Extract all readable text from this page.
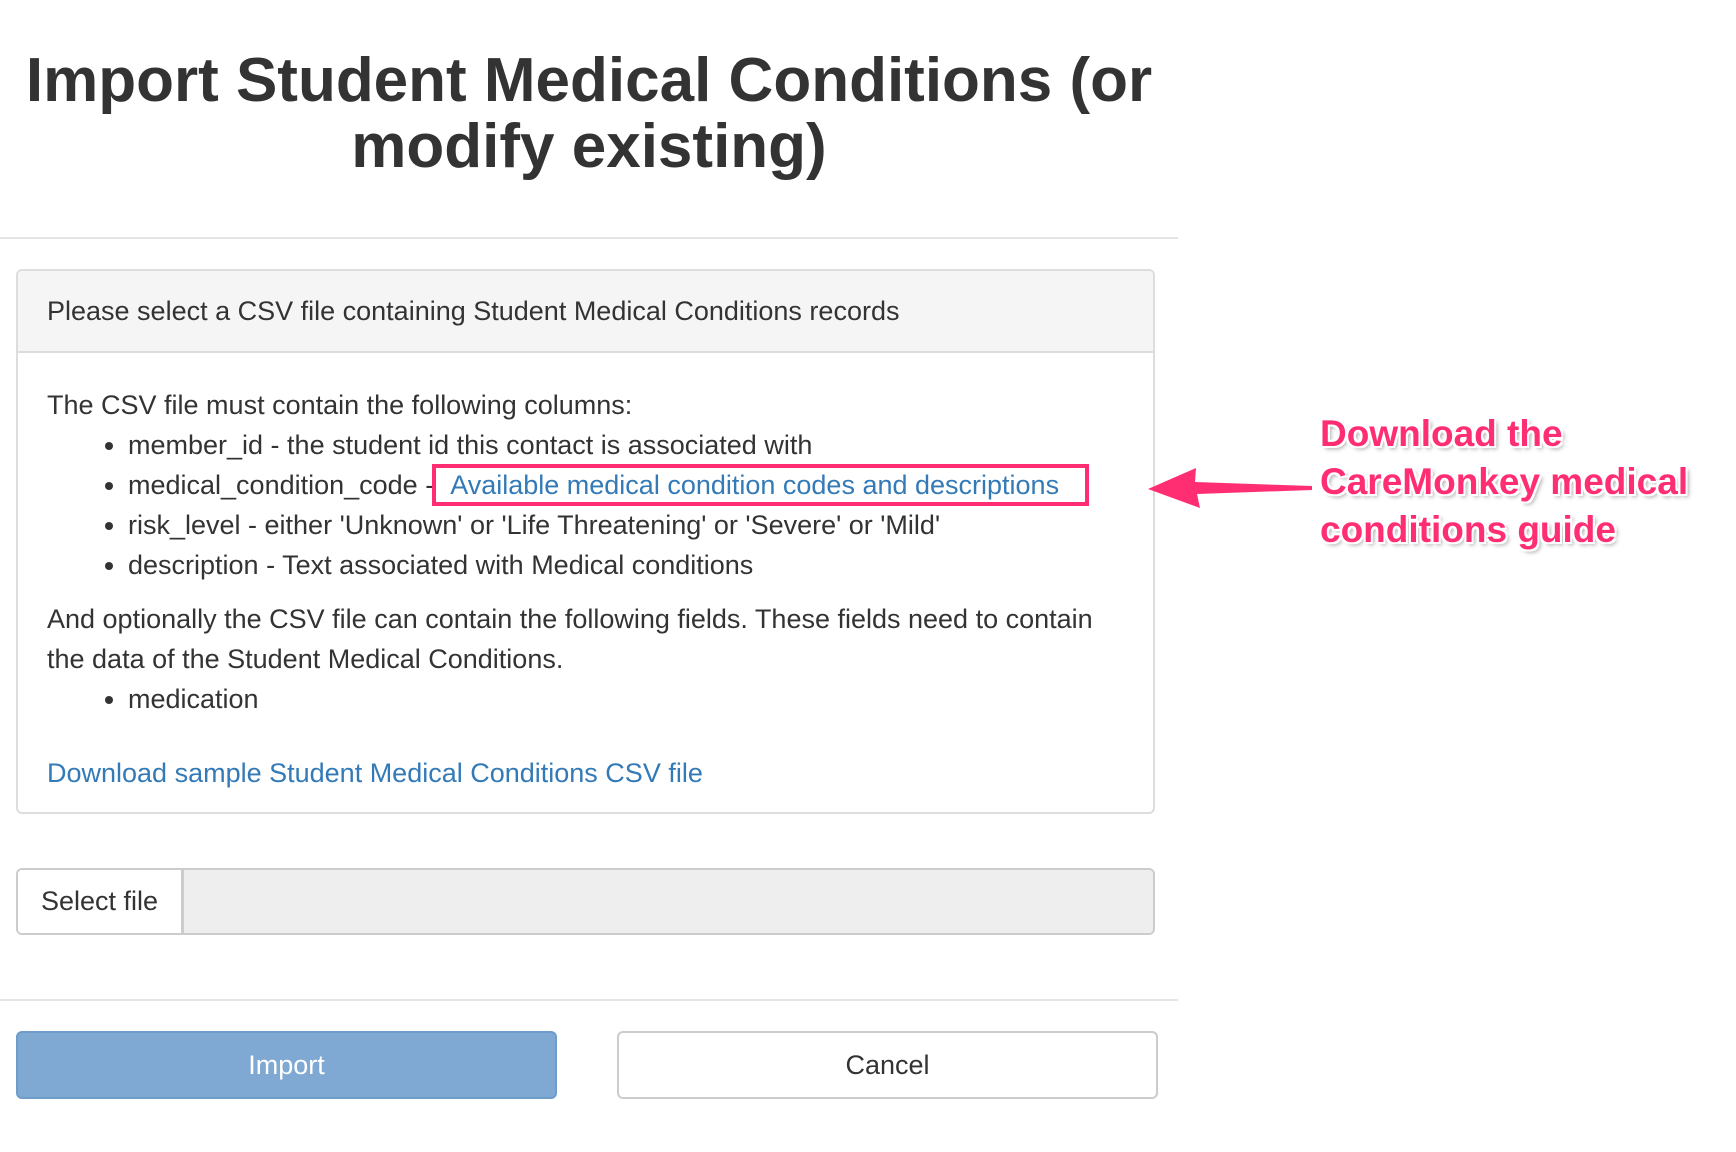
Import Student Medical Conditions (or modify existing)
Please select a CSV file containing Student Medical Conditions records

The CSV file must contain the following columns:

• member_id - the student id this contact is associated with
• medical_condition_code - Available medical condition codes and descriptions
• risk_level - either 'Unknown' or 'Life Threatening' or 'Severe' or 'Mild'
• description - Text associated with Medical conditions

And optionally the CSV file can contain the following fields. These fields need to contain the data of the Student Medical Conditions.

• medication
Download sample Student Medical Conditions CSV file
Select file
Import	Cancel
Download the CareMonkey medical conditions guide
